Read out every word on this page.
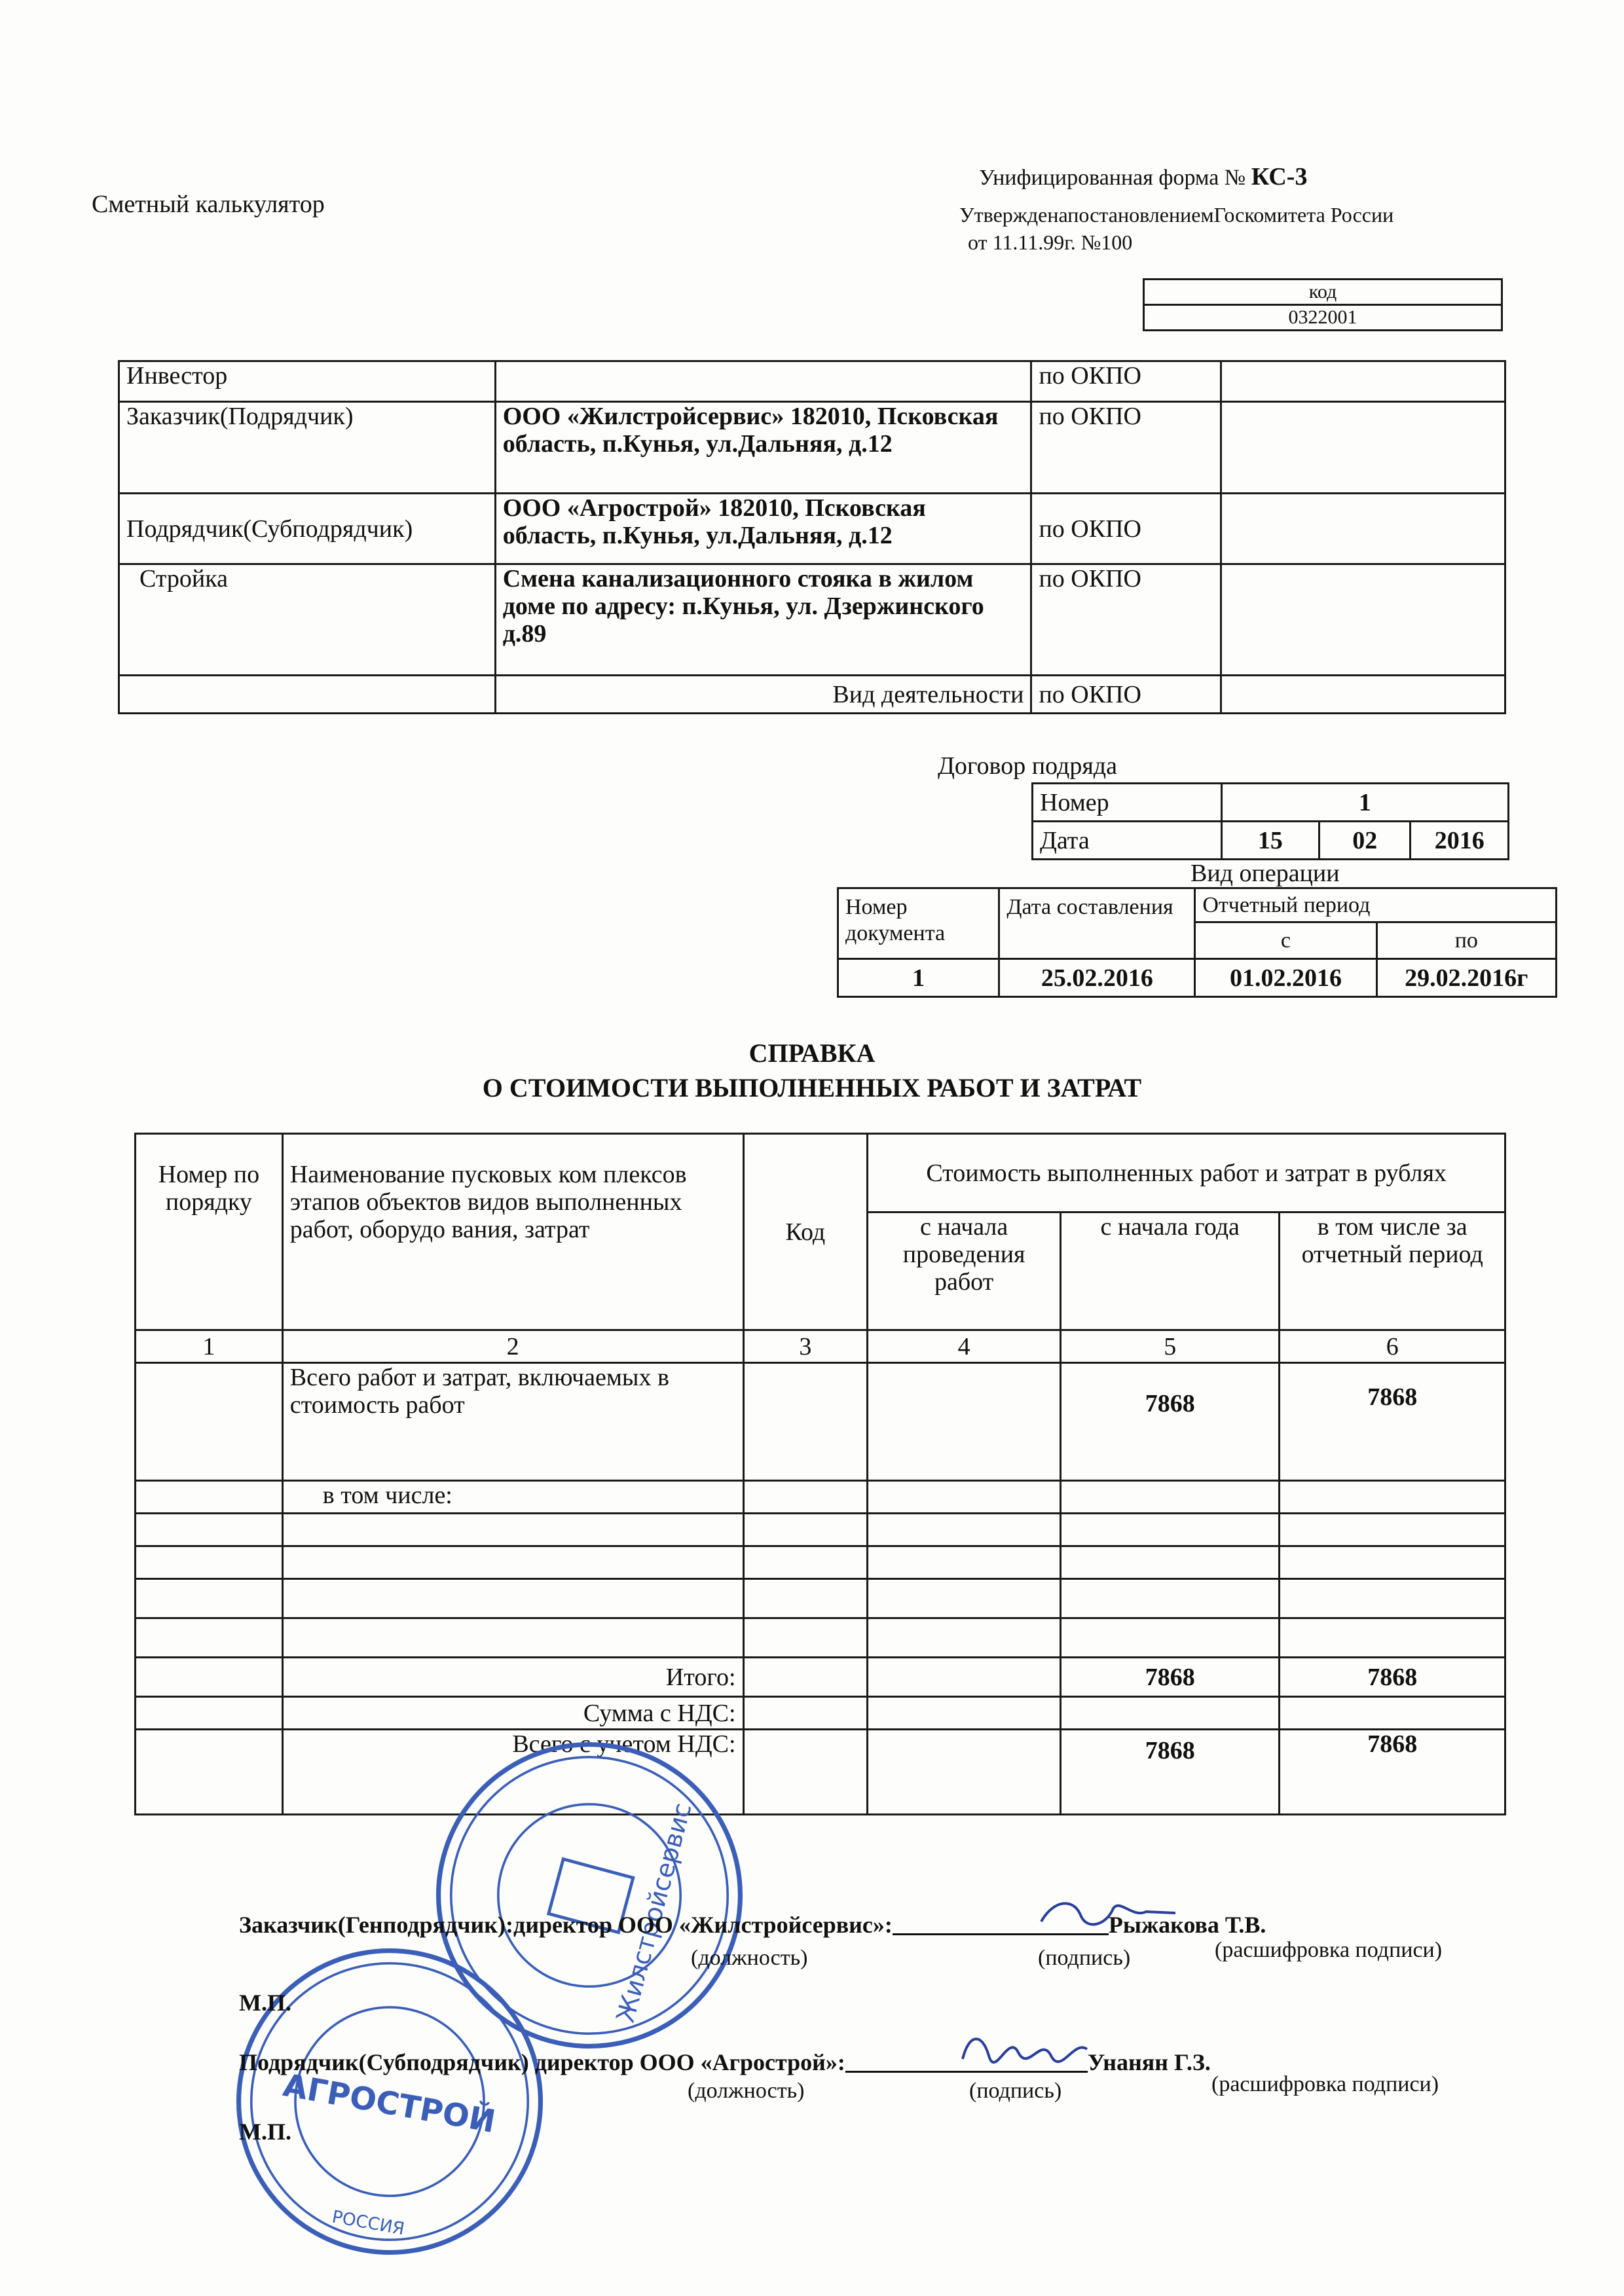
Сметный калькулятор
Унифицированная форма № КС-3
УтвержденапостановлениемГоскомитета России
от 11.11.99г. №100
код
0322001
Инвестор		по ОКПО	
Заказчик(Подрядчик)	ООО «Жилстройсервис» 182010, Псковская область, п.Кунья, ул.Дальняя, д.12	по ОКПО	
Подрядчик(Субподрядчик)	ООО «Агрострой» 182010, Псковская область, п.Кунья, ул.Дальняя, д.12	по ОКПО	
Стройка	Смена канализационного стояка в жилом доме по адресу: п.Кунья, ул. Дзержинского д.89	по ОКПО	
	Вид деятельности	по ОКПО	
Договор подряда
Номер	1		
Дата	15	02	2016
Вид операции
Номер документа	Дата составления	Отчетный период	
		с	по
1	25.02.2016	01.02.2016	29.02.2016г
СПРАВКА
О СТОИМОСТИ ВЫПОЛНЕННЫХ РАБОТ И ЗАТРАТ
Номер по порядку	Наименование пусковых ком плексов этапов объектов видов выполненных работ, оборудо вания, затрат	Код	Стоимость выполненных работ и затрат в рублях		
			с начала проведения работ	с начала года	в том числе за отчетный период
1	2	3	4	5	6
	Всего работ и затрат, включаемых в стоимость работ			7868	7868
	в том числе:				

	Итого:			7868	7868
	Сумма с НДС:				
	Всего с учетом НДС:			7868	7868
Жилстройсервис
АГРОСТРОЙ
РОССИЯ
Заказчик(Генподрядчик):директор ООО «Жилстройсервис»:	Рыжакова Т.В.
(должность)	(подпись)	(расшифровка подписи)
М.П.
Подрядчик(Субподрядчик) директор ООО «Агрострой»:	Унанян Г.З.
(должность)	(подпись)	(расшифровка подписи)
М.П.
